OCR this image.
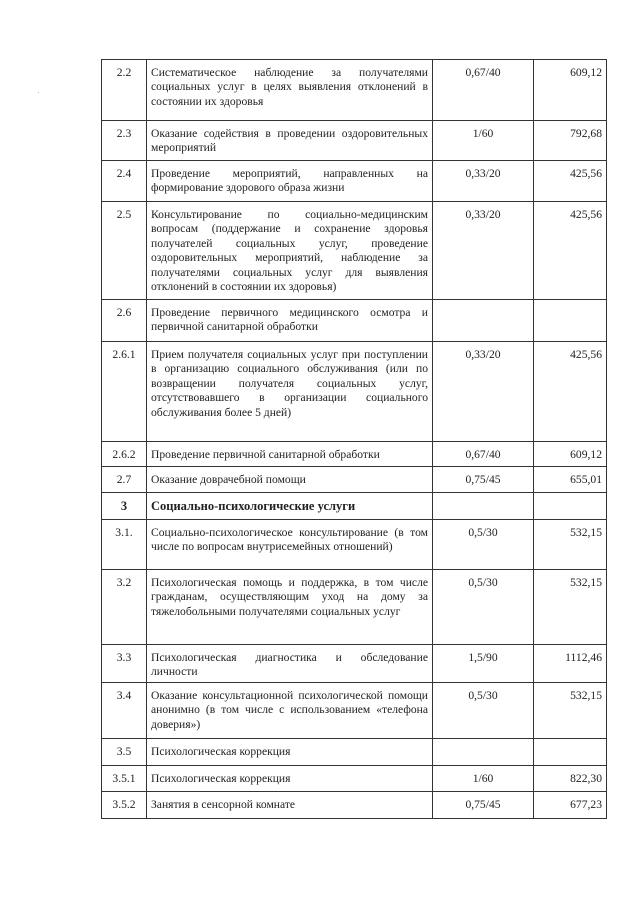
2.2	Систематическое наблюдение за получателями социальных услуг в целях выявления отклонений в состоянии их здоровья	0,67/40	609,12
2.3	Оказание содействия в проведении оздоровительных мероприятий	1/60	792,68
2.4	Проведение мероприятий, направленных на формирование здорового образа жизни	0,33/20	425,56
2.5	Консультирование по социально-медицинским вопросам (поддержание и сохранение здоровья получателей социальных услуг, проведение оздоровительных мероприятий, наблюдение за получателями социальных услуг для выявления отклонений в состоянии их здоровья)	0,33/20	425,56
2.6	Проведение первичного медицинского осмотра и первичной санитарной обработки		
2.6.1	Прием получателя социальных услуг при поступлении в организацию социального обслуживания (или по возвращении получателя социальных услуг, отсутствовавшего в организации социального обслуживания более 5 дней)	0,33/20	425,56
2.6.2	Проведение первичной санитарной обработки	0,67/40	609,12
2.7	Оказание доврачебной помощи	0,75/45	655,01
3	Социально-психологические услуги		
3.1.	Социально-психологическое консультирование (в том числе по вопросам внутрисемейных отношений)	0,5/30	532,15
3.2	Психологическая помощь и поддержка, в том числе гражданам, осуществляющим уход на дому за тяжелобольными получателями социальных услуг	0,5/30	532,15
3.3	Психологическая диагностика и обследование личности	1,5/90	1112,46
3.4	Оказание консультационной психологической помощи анонимно (в том числе с использованием «телефона доверия»)	0,5/30	532,15
3.5	Психологическая коррекция		
3.5.1	Психологическая коррекция	1/60	822,30
3.5.2	Занятия в сенсорной комнате	0,75/45	677,23
